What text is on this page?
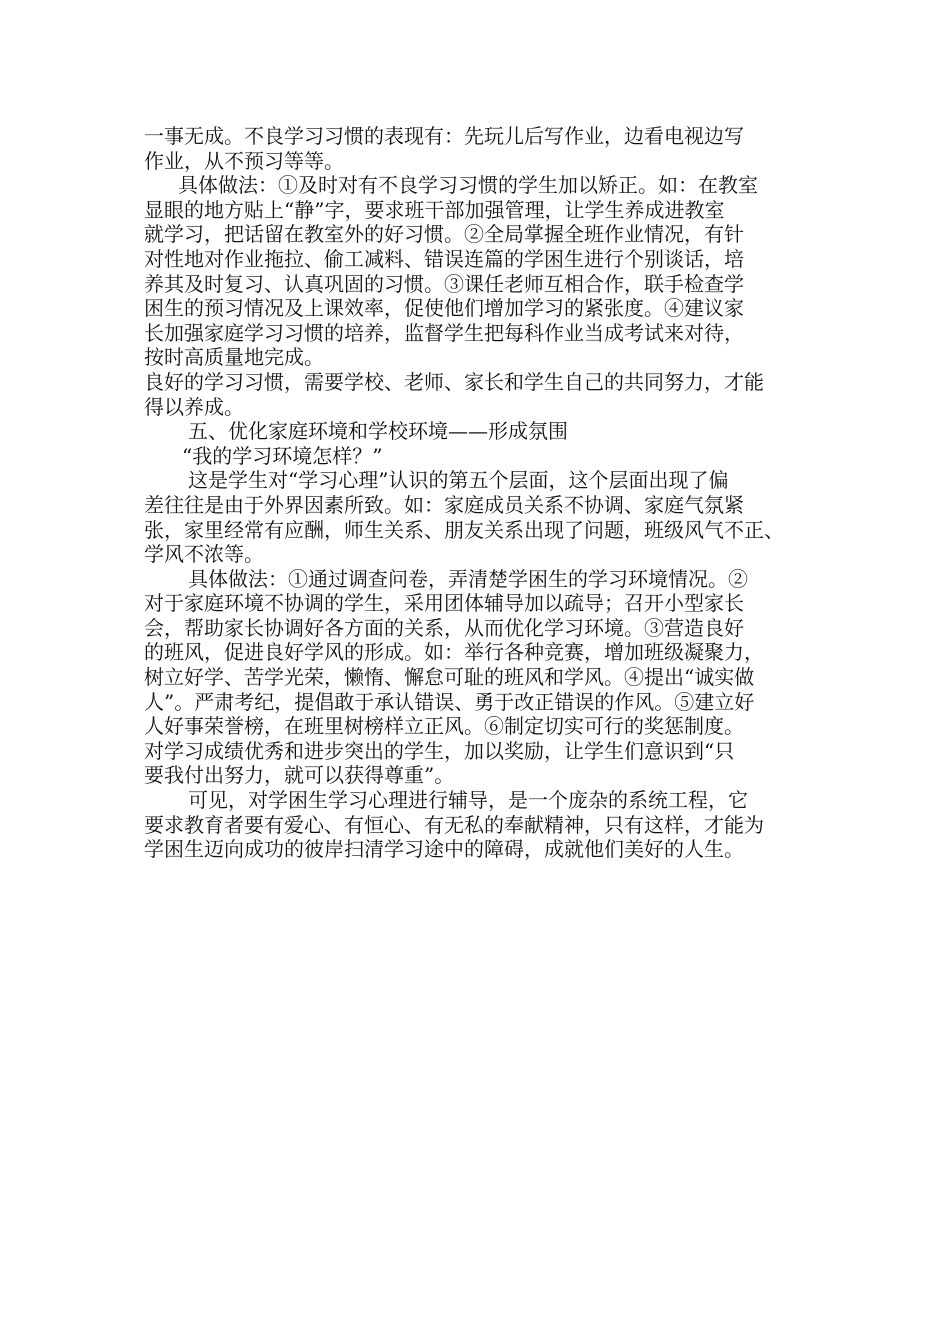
一事无成。不良学习习惯的表现有：先玩儿后写作业，边看电视边写
作业，从不预习等等。
具体做法：①及时对有不良学习习惯的学生加以矫正。如：在教室
显眼的地方贴上“静”字，要求班干部加强管理，让学生养成进教室
就学习，把话留在教室外的好习惯。②全局掌握全班作业情况，有针
对性地对作业拖拉、偷工减料、错误连篇的学困生进行个别谈话，培
养其及时复习、认真巩固的习惯。③课任老师互相合作，联手检查学
困生的预习情况及上课效率，促使他们增加学习的紧张度。④建议家
长加强家庭学习习惯的培养，监督学生把每科作业当成考试来对待，
按时高质量地完成。
良好的学习习惯，需要学校、老师、家长和学生自己的共同努力，才能
得以养成。
五、优化家庭环境和学校环境——形成氛围
“我的学习环境怎样？”
这是学生对“学习心理”认识的第五个层面，这个层面出现了偏
差往往是由于外界因素所致。如：家庭成员关系不协调、家庭气氛紧
张，家里经常有应酬，师生关系、朋友关系出现了问题，班级风气不正、
学风不浓等。
具体做法：①通过调查问卷，弄清楚学困生的学习环境情况。②
对于家庭环境不协调的学生，采用团体辅导加以疏导；召开小型家长
会，帮助家长协调好各方面的关系，从而优化学习环境。③营造良好
的班风，促进良好学风的形成。如：举行各种竞赛，增加班级凝聚力，
树立好学、苦学光荣，懒惰、懈怠可耻的班风和学风。④提出“诚实做
人”。严肃考纪，提倡敢于承认错误、勇于改正错误的作风。⑤建立好
人好事荣誉榜，在班里树榜样立正风。⑥制定切实可行的奖惩制度。
对学习成绩优秀和进步突出的学生，加以奖励，让学生们意识到“只
要我付出努力，就可以获得尊重”。
可见，对学困生学习心理进行辅导，是一个庞杂的系统工程，它
要求教育者要有爱心、有恒心、有无私的奉献精神，只有这样，才能为
学困生迈向成功的彼岸扫清学习途中的障碍，成就他们美好的人生。
